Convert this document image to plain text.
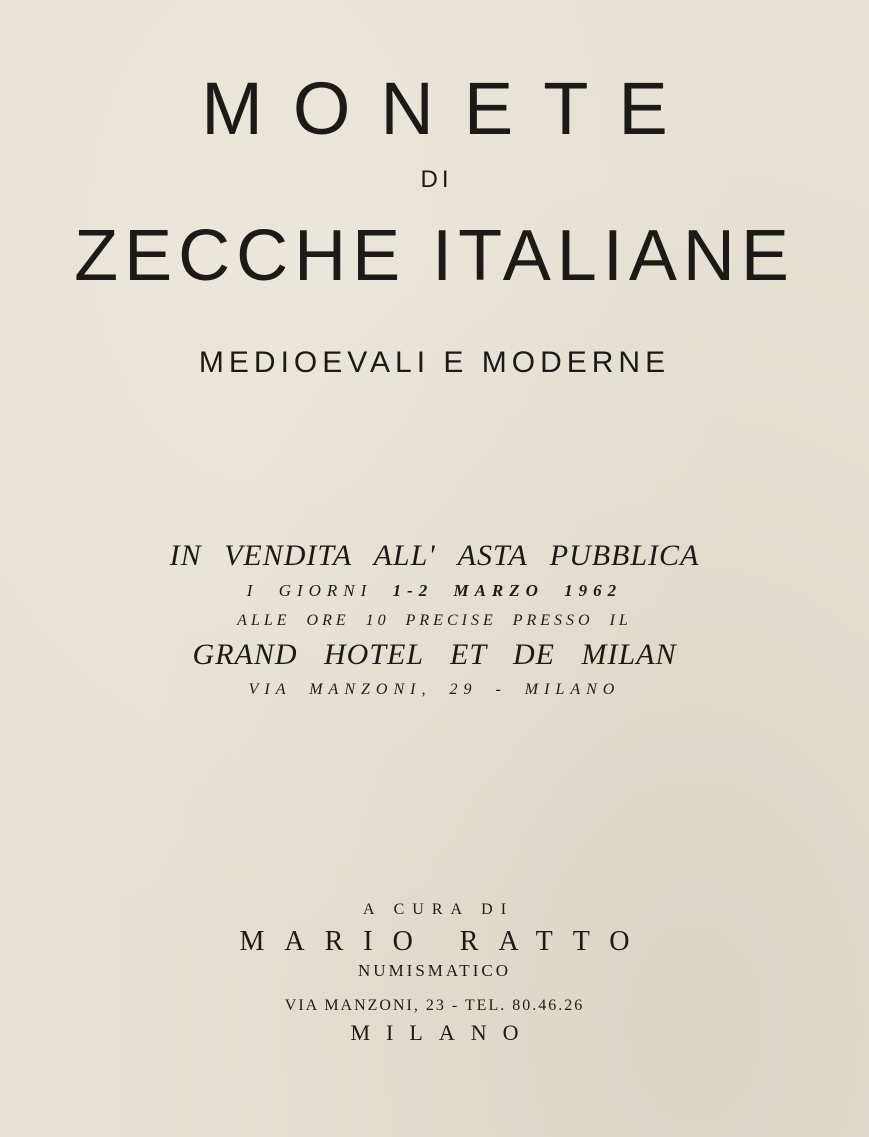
MONETE
DI
ZECCHE ITALIANE
MEDIOEVALI E MODERNE
IN VENDITA ALL' ASTA PUBBLICA
I GIORNI 1-2 MARZO 1962
ALLE ORE 10 PRECISE PRESSO IL
GRAND HOTEL ET DE MILAN
VIA MANZONI, 29 - MILANO
A CURA DI
MARIO RATTO
NUMISMATICO
VIA MANZONI, 23 - TEL. 80.46.26
MILANO
